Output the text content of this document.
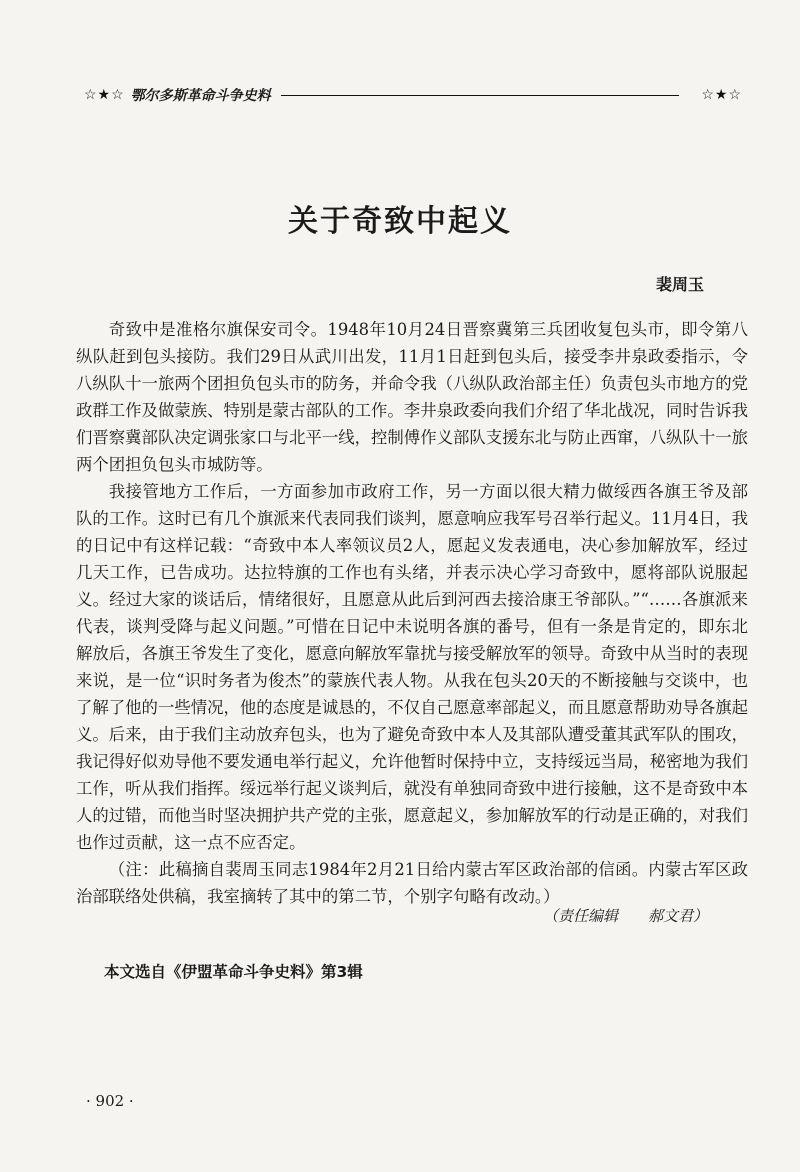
☆★☆ 鄂尔多斯革命斗争史料	☆★☆
关于奇致中起义
裴周玉

奇致中是准格尔旗保安司令。1948年10月24日晋察冀第三兵团收复包头市，即令第八纵队赶到包头接防。我们29日从武川出发，11月1日赶到包头后，接受李井泉政委指示，令八纵队十一旅两个团担负包头市的防务，并命令我（八纵队政治部主任）负责包头市地方的党政群工作及做蒙族、特别是蒙古部队的工作。李井泉政委向我们介绍了华北战况，同时告诉我们晋察冀部队决定调张家口与北平一线，控制傅作义部队支援东北与防止西窜，八纵队十一旅两个团担负包头市城防等。

我接管地方工作后，一方面参加市政府工作，另一方面以很大精力做绥西各旗王爷及部队的工作。这时已有几个旗派来代表同我们谈判，愿意响应我军号召举行起义。11月4日，我的日记中有这样记载：“奇致中本人率领议员2人，愿起义发表通电，决心参加解放军，经过几天工作，已告成功。达拉特旗的工作也有头绪，并表示决心学习奇致中，愿将部队说服起义。经过大家的谈话后，情绪很好，且愿意从此后到河西去接洽康王爷部队。”“……各旗派来代表，谈判受降与起义问题。”可惜在日记中未说明各旗的番号，但有一条是肯定的，即东北解放后，各旗王爷发生了变化，愿意向解放军靠扰与接受解放军的领导。奇致中从当时的表现来说，是一位“识时务者为俊杰”的蒙族代表人物。从我在包头20天的不断接触与交谈中，也了解了他的一些情况，他的态度是诚恳的，不仅自己愿意率部起义，而且愿意帮助劝导各旗起义。后来，由于我们主动放弃包头，也为了避免奇致中本人及其部队遭受董其武军队的围攻，我记得好似劝导他不要发通电举行起义，允许他暂时保持中立，支持绥远当局，秘密地为我们工作，听从我们指挥。绥远举行起义谈判后，就没有单独同奇致中进行接触，这不是奇致中本人的过错，而他当时坚决拥护共产党的主张，愿意起义，参加解放军的行动是正确的，对我们也作过贡献，这一点不应否定。

（注：此稿摘自裴周玉同志1984年2月21日给内蒙古军区政治部的信函。内蒙古军区政治部联络处供稿，我室摘转了其中的第二节，个别字句略有改动。）

（责任编辑　　郝文君）
本文选自《伊盟革命斗争史料》第3辑
· 902 ·
